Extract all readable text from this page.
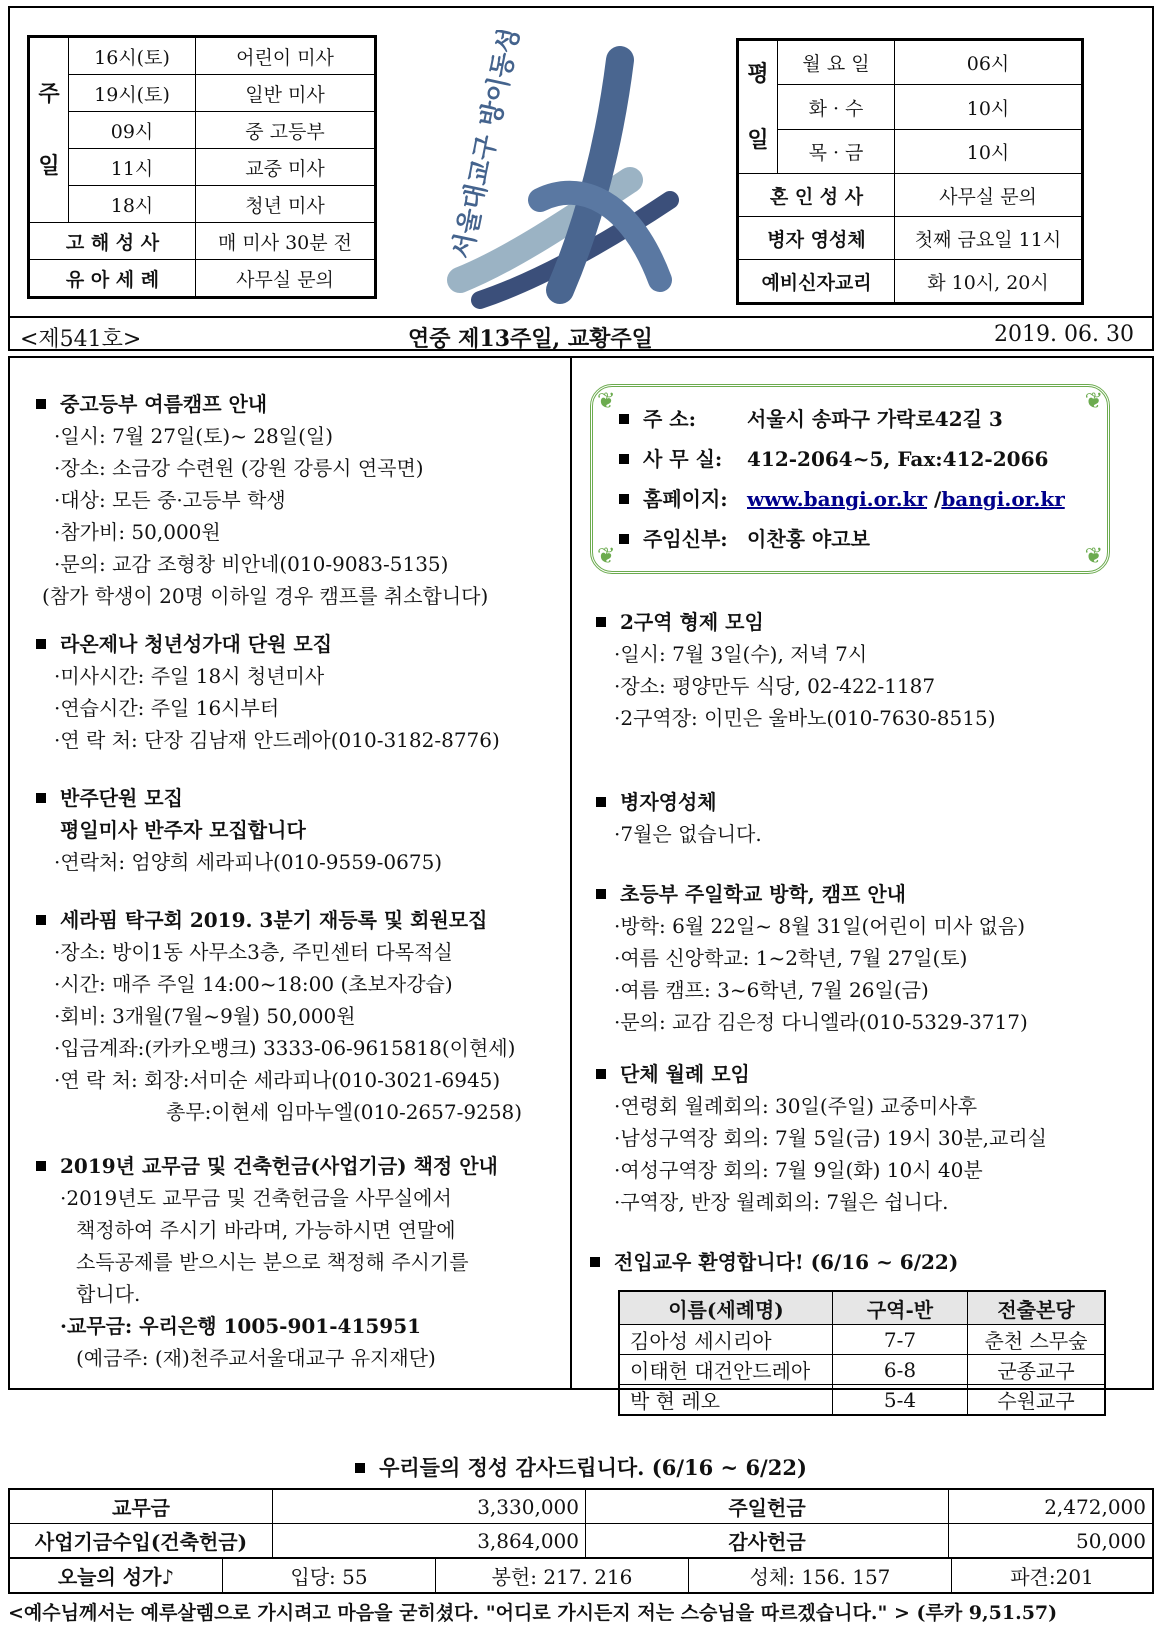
주
일	16시(토)	어린이 미사
	19시(토)	일반 미사
	09시	중 고등부
	11시	교중 미사
	18시	청년 미사
고 해 성 사		매 미사 30분 전
유 아 세 례		사무실 문의
서울대교구 방이동성당	평
일	월 요 일	06시
	화 · 수	10시
	목 · 금	10시
혼 인 성 사		사무실 문의
병자 영성체		첫째 금요일 11시
예비신자교리		화 10시, 20시
<제541호>	연중 제13주일, 교황주일	2019. 06. 30
중고등부 여름캠프 안내
·일시: 7월 27일(토)~ 28일(일)
·장소: 소금강 수련원 (강원 강릉시 연곡면)
·대상: 모든 중·고등부 학생
·참가비: 50,000원
·문의: 교감 조형창 비안네(010-9083-5135)
(참가 학생이 20명 이하일 경우 캠프를 취소합니다)
라온제나 청년성가대 단원 모집
·미사시간: 주일 18시 청년미사
·연습시간: 주일 16시부터
·연 락 처: 단장 김남재 안드레아(010-3182-8776)
반주단원 모집
평일미사 반주자 모집합니다
·연락처: 엄양희 세라피나(010-9559-0675)
세라핌 탁구회 2019. 3분기 재등록 및 회원모집
·장소: 방이1동 사무소3층, 주민센터 다목적실
·시간: 매주 주일 14:00~18:00 (초보자강습)
·회비: 3개월(7월~9월) 50,000원
·입금계좌:(카카오뱅크) 3333-06-9615818(이현세)
·연 락 처: 회장:서미순 세라피나(010-3021-6945)
총무:이현세 임마누엘(010-2657-9258)
2019년 교무금 및 건축헌금(사업기금) 책정 안내
·2019년도 교무금 및 건축헌금을 사무실에서
책정하여 주시기 바라며, 가능하시면 연말에
소득공제를 받으시는 분으로 책정해 주시기를
합니다.
·교무금: 우리은행 1005-901-415951
(예금주: (재)천주교서울대교구 유지재단)
❦	❦
❦	❦
주 소:	서울시 송파구 가락로42길 3
사 무 실: 412-2064~5, Fax:412-2066
홈페이지: www.bangi.or.kr /bangi.or.kr
주임신부: 이찬홍 야고보
2구역 형제 모임
·일시: 7월 3일(수), 저녁 7시
·장소: 평양만두 식당, 02-422-1187
·2구역장: 이민은 울바노(010-7630-8515)
병자영성체
·7월은 없습니다.
초등부 주일학교 방학, 캠프 안내
·방학: 6월 22일~ 8월 31일(어린이 미사 없음)
·여름 신앙학교: 1~2학년, 7월 27일(토)
·여름 캠프: 3~6학년, 7월 26일(금)
·문의: 교감 김은정 다니엘라(010-5329-3717)
단체 월례 모임
·연령회 월례회의: 30일(주일) 교중미사후
·남성구역장 회의: 7월 5일(금) 19시 30분,교리실
·여성구역장 회의: 7월 9일(화) 10시 40분
·구역장, 반장 월례회의: 7월은 쉽니다.
전입교우 환영합니다! (6/16 ~ 6/22)
이름(세례명)	구역-반	전출본당
김아성 세시리아	7-7	춘천 스무숲
이태헌 대건안드레아	6-8	군종교구
박 현 레오	5-4	수원교구
우리들의 정성 감사드립니다. (6/16 ~ 6/22)
교무금	3,330,000	주일헌금	2,472,000
사업기금수입(건축헌금)	3,864,000	감사헌금	50,000
오늘의 성가♪	입당: 55	봉헌: 217. 216	성체: 156. 157	파견:201
<예수님께서는 예루살렘으로 가시려고 마음을 굳히셨다. "어디로 가시든지 저는 스승님을 따르겠습니다." > (루카 9,51.57)
